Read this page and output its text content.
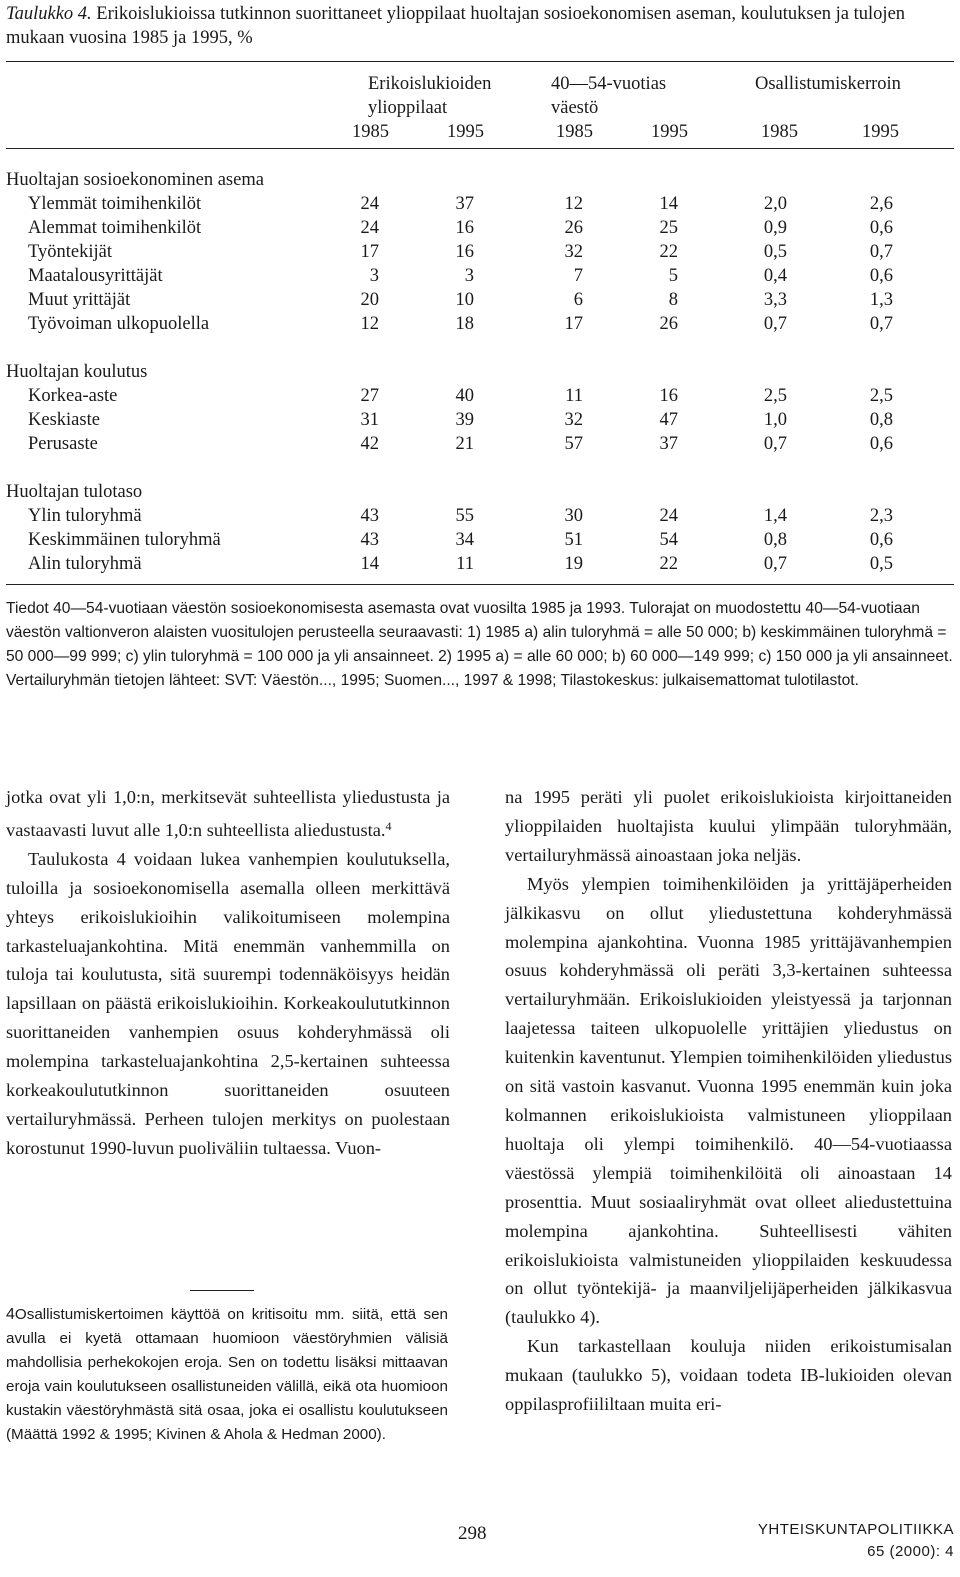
Taulukko 4. Erikoislukioissa tutkinnon suorittaneet ylioppilaat huoltajan sosioekonomisen aseman, koulutuksen ja tulojen mukaan vuosina 1985 ja 1995, %
Erikoislukioiden
ylioppilaat
40—54-vuotias
väestö
Osallistumiskerroin
1985	1995	1985	1995	1985	1995
Huoltajan sosioekonominen asema
Ylemmät toimihenkilöt	24	37	12	14	2,0	2,6
Alemmat toimihenkilöt	24	16	26	25	0,9	0,6
Työntekijät	17	16	32	22	0,5	0,7
Maatalousyrittäjät	3	3	7	5	0,4	0,6
Muut yrittäjät	20	10	6	8	3,3	1,3
Työvoiman ulkopuolella	12	18	17	26	0,7	0,7
Huoltajan koulutus
Korkea-aste	27	40	11	16	2,5	2,5
Keskiaste	31	39	32	47	1,0	0,8
Perusaste	42	21	57	37	0,7	0,6
Huoltajan tulotaso
Ylin tuloryhmä	43	55	30	24	1,4	2,3
Keskimmäinen tuloryhmä	43	34	51	54	0,8	0,6
Alin tuloryhmä	14	11	19	22	0,7	0,5
Tiedot 40—54-vuotiaan väestön sosioekonomisesta asemasta ovat vuosilta 1985 ja 1993. Tulorajat on muodostettu 40—54-vuotiaan väestön valtionveron alaisten vuositulojen perusteella seuraavasti: 1) 1985 a) alin tuloryhmä = alle 50 000; b) keskimmäinen tuloryhmä = 50 000—99 999; c) ylin tuloryhmä = 100 000 ja yli ansainneet. 2) 1995 a) = alle 60 000; b) 60 000—149 999; c) 150 000 ja yli ansainneet. Vertailuryhmän tietojen lähteet: SVT: Väestön..., 1995; Suomen..., 1997 & 1998; Tilastokeskus: julkaisemattomat tulotilastot.

jotka ovat yli 1,0:n, merkitsevät suhteellista yliedustusta ja vastaavasti luvut alle 1,0:n suhteellista aliedustusta.$^4$

Taulukosta 4 voidaan lukea vanhempien koulutuksella, tuloilla ja sosioekonomisella asemalla olleen merkittävä yhteys erikoislukioihin valikoitumiseen molempina tarkasteluajankohtina. Mitä enemmän vanhemmilla on tuloja tai koulutusta, sitä suurempi todennäköisyys heidän lapsillaan on päästä erikoislukioihin. Korkeakoulututkinnon suorittaneiden vanhempien osuus kohderyhmässä oli molempina tarkasteluajankohtina 2,5-kertainen suhteessa korkeakoulututkinnon suorittaneiden osuuteen vertailuryhmässä. Perheen tulojen merkitys on puolestaan korostunut 1990-luvun puoliväliin tultaessa. Vuon-

4Osallistumiskertoimen käyttöä on kritisoitu mm. siitä, että sen avulla ei kyetä ottamaan huomioon väestöryhmien välisiä mahdollisia perhekokojen eroja. Sen on todettu lisäksi mittaavan eroja vain koulutukseen osallistuneiden välillä, eikä ota huomioon kustakin väestöryhmästä sitä osaa, joka ei osallistu koulutukseen (Määttä 1992 & 1995; Kivinen & Ahola & Hedman 2000).

na 1995 peräti yli puolet erikoislukioista kirjoittaneiden ylioppilaiden huoltajista kuului ylimpään tuloryhmään, vertailuryhmässä ainoastaan joka neljäs.

Myös ylempien toimihenkilöiden ja yrittäjäperheiden jälkikasvu on ollut yliedustettuna kohderyhmässä molempina ajankohtina. Vuonna 1985 yrittäjävanhempien osuus kohderyhmässä oli peräti 3,3-kertainen suhteessa vertailuryhmään. Erikoislukioiden yleistyessä ja tarjonnan laajetessa taiteen ulkopuolelle yrittäjien yliedustus on kuitenkin kaventunut. Ylempien toimihenkilöiden yliedustus on sitä vastoin kasvanut. Vuonna 1995 enemmän kuin joka kolmannen erikoislukioista valmistuneen ylioppilaan huoltaja oli ylempi toimihenkilö. 40—54-vuotiaassa väestössä ylempiä toimihenkilöitä oli ainoastaan 14 prosenttia. Muut sosiaaliryhmät ovat olleet aliedustettuina molempina ajankohtina. Suhteellisesti vähiten erikoislukioista valmistuneiden ylioppilaiden keskuudessa on ollut työntekijä- ja maanviljelijäperheiden jälkikasvua (taulukko 4).

Kun tarkastellaan kouluja niiden erikoistumisalan mukaan (taulukko 5), voidaan todeta IB-lukioiden olevan oppilasprofiililtaan muita eri-

298	YHTEISKUNTAPOLITIIKKA
65 (2000): 4
